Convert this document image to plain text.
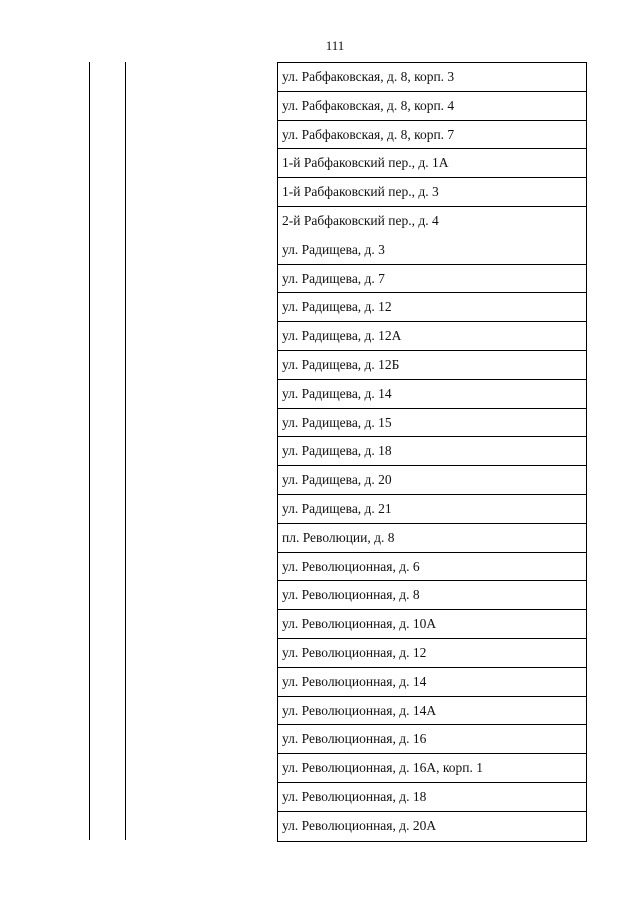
111
ул. Рабфаковская, д. 8, корп. 3
ул. Рабфаковская, д. 8, корп. 4
ул. Рабфаковская, д. 8, корп. 7
1-й Рабфаковский пер., д. 1А
1-й Рабфаковский пер., д. 3
2-й Рабфаковский пер., д. 4
ул. Радищева, д. 3
ул. Радищева, д. 7
ул. Радищева, д. 12
ул. Радищева, д. 12А
ул. Радищева, д. 12Б
ул. Радищева, д. 14
ул. Радищева, д. 15
ул. Радищева, д. 18
ул. Радищева, д. 20
ул. Радищева, д. 21
пл. Революции, д. 8
ул. Революционная, д. 6
ул. Революционная, д. 8
ул. Революционная, д. 10А
ул. Революционная, д. 12
ул. Революционная, д. 14
ул. Революционная, д. 14А
ул. Революционная, д. 16
ул. Революционная, д. 16А, корп. 1
ул. Революционная, д. 18
ул. Революционная, д. 20А
